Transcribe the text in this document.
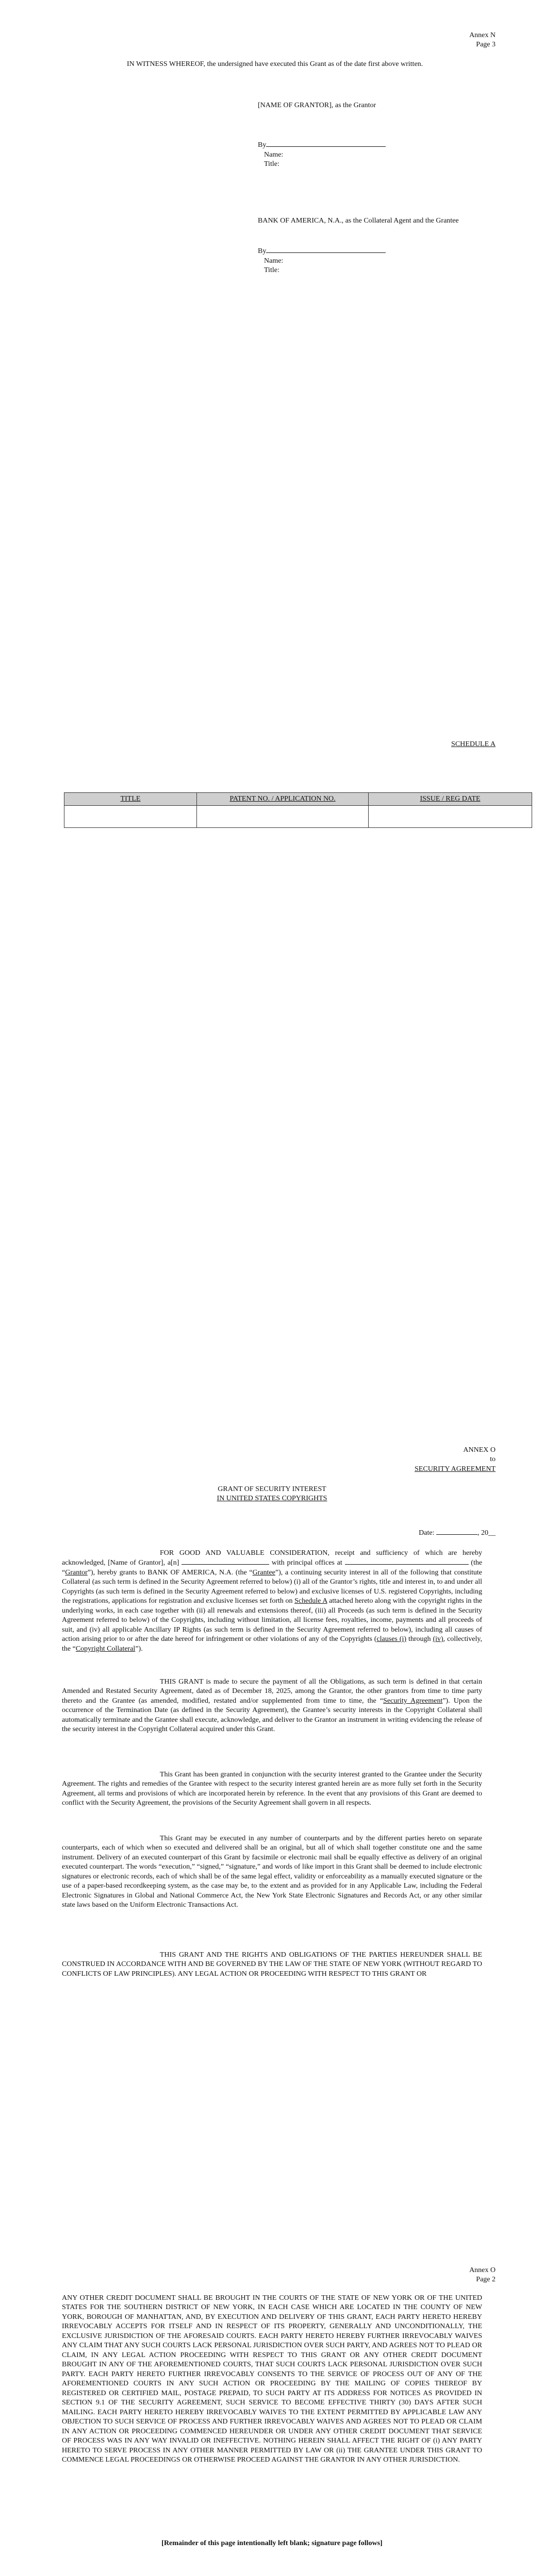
Annex N
Page 3
IN WITNESS WHEREOF, the undersigned have executed this Grant as of the date first above written.
[NAME OF GRANTOR], as the Grantor
By
Name:
Title:
BANK OF AMERICA, N.A., as the Collateral Agent and the Grantee
By
Name:
Title:
SCHEDULE A
TITLE	PATENT NO. / APPLICATION NO.	ISSUE / REG DATE

ANNEX O
to
SECURITY AGREEMENT
GRANT OF SECURITY INTEREST
IN UNITED STATES COPYRIGHTS
Date:	, 20__
FOR GOOD AND VALUABLE CONSIDERATION, receipt and sufficiency of which are hereby acknowledged, [Name of Grantor], a[n]	with principal offices at	(the “Grantor”), hereby grants to BANK OF AMERICA, N.A. (the “Grantee”), a continuing security interest in all of the following that constitute Collateral (as such term is defined in the Security Agreement referred to below) (i) all of the Grantor’s rights, title and interest in, to and under all Copyrights (as such term is defined in the Security Agreement referred to below) and exclusive licenses of U.S. registered Copyrights, including the registrations, applications for registration and exclusive licenses set forth on Schedule A attached hereto along with the copyright rights in the underlying works, in each case together with (ii) all renewals and extensions thereof, (iii) all Proceeds (as such term is defined in the Security Agreement referred to below) of the Copyrights, including without limitation, all license fees, royalties, income, payments and all proceeds of suit, and (iv) all applicable Ancillary IP Rights (as such term is defined in the Security Agreement referred to below), including all causes of action arising prior to or after the date hereof for infringement or other violations of any of the Copyrights (clauses (i) through (iv), collectively, the “Copyright Collateral”).
THIS GRANT is made to secure the payment of all the Obligations, as such term is defined in that certain Amended and Restated Security Agreement, dated as of December 18, 2025, among the Grantor, the other grantors from time to time party thereto and the Grantee (as amended, modified, restated and/or supplemented from time to time, the “Security Agreement”). Upon the occurrence of the Termination Date (as defined in the Security Agreement), the Grantee’s security interests in the Copyright Collateral shall automatically terminate and the Grantee shall execute, acknowledge, and deliver to the Grantor an instrument in writing evidencing the release of the security interest in the Copyright Collateral acquired under this Grant.
This Grant has been granted in conjunction with the security interest granted to the Grantee under the Security Agreement. The rights and remedies of the Grantee with respect to the security interest granted herein are as more fully set forth in the Security Agreement, all terms and provisions of which are incorporated herein by reference. In the event that any provisions of this Grant are deemed to conflict with the Security Agreement, the provisions of the Security Agreement shall govern in all respects.
This Grant may be executed in any number of counterparts and by the different parties hereto on separate counterparts, each of which when so executed and delivered shall be an original, but all of which shall together constitute one and the same instrument. Delivery of an executed counterpart of this Grant by facsimile or electronic mail shall be equally effective as delivery of an original executed counterpart. The words “execution,” “signed,” “signature,” and words of like import in this Grant shall be deemed to include electronic signatures or electronic records, each of which shall be of the same legal effect, validity or enforceability as a manually executed signature or the use of a paper-based recordkeeping system, as the case may be, to the extent and as provided for in any Applicable Law, including the Federal Electronic Signatures in Global and National Commerce Act, the New York State Electronic Signatures and Records Act, or any other similar state laws based on the Uniform Electronic Transactions Act.
THIS GRANT AND THE RIGHTS AND OBLIGATIONS OF THE PARTIES HEREUNDER SHALL BE CONSTRUED IN ACCORDANCE WITH AND BE GOVERNED BY THE LAW OF THE STATE OF NEW YORK (WITHOUT REGARD TO CONFLICTS OF LAW PRINCIPLES). ANY LEGAL ACTION OR PROCEEDING WITH RESPECT TO THIS GRANT OR
Annex O
Page 2
ANY OTHER CREDIT DOCUMENT SHALL BE BROUGHT IN THE COURTS OF THE STATE OF NEW YORK OR OF THE UNITED STATES FOR THE SOUTHERN DISTRICT OF NEW YORK, IN EACH CASE WHICH ARE LOCATED IN THE COUNTY OF NEW YORK, BOROUGH OF MANHATTAN, AND, BY EXECUTION AND DELIVERY OF THIS GRANT, EACH PARTY HERETO HEREBY IRREVOCABLY ACCEPTS FOR ITSELF AND IN RESPECT OF ITS PROPERTY, GENERALLY AND UNCONDITIONALLY, THE EXCLUSIVE JURISDICTION OF THE AFORESAID COURTS. EACH PARTY HERETO HEREBY FURTHER IRREVOCABLY WAIVES ANY CLAIM THAT ANY SUCH COURTS LACK PERSONAL JURISDICTION OVER SUCH PARTY, AND AGREES NOT TO PLEAD OR CLAIM, IN ANY LEGAL ACTION PROCEEDING WITH RESPECT TO THIS GRANT OR ANY OTHER CREDIT DOCUMENT BROUGHT IN ANY OF THE AFOREMENTIONED COURTS, THAT SUCH COURTS LACK PERSONAL JURISDICTION OVER SUCH PARTY. EACH PARTY HERETO FURTHER IRREVOCABLY CONSENTS TO THE SERVICE OF PROCESS OUT OF ANY OF THE AFOREMENTIONED COURTS IN ANY SUCH ACTION OR PROCEEDING BY THE MAILING OF COPIES THEREOF BY REGISTERED OR CERTIFIED MAIL, POSTAGE PREPAID, TO SUCH PARTY AT ITS ADDRESS FOR NOTICES AS PROVIDED IN SECTION 9.1 OF THE SECURITY AGREEMENT, SUCH SERVICE TO BECOME EFFECTIVE THIRTY (30) DAYS AFTER SUCH MAILING. EACH PARTY HERETO HEREBY IRREVOCABLY WAIVES TO THE EXTENT PERMITTED BY APPLICABLE LAW ANY OBJECTION TO SUCH SERVICE OF PROCESS AND FURTHER IRREVOCABLY WAIVES AND AGREES NOT TO PLEAD OR CLAIM IN ANY ACTION OR PROCEEDING COMMENCED HEREUNDER OR UNDER ANY OTHER CREDIT DOCUMENT THAT SERVICE OF PROCESS WAS IN ANY WAY INVALID OR INEFFECTIVE. NOTHING HEREIN SHALL AFFECT THE RIGHT OF (i) ANY PARTY HERETO TO SERVE PROCESS IN ANY OTHER MANNER PERMITTED BY LAW OR (ii) THE GRANTEE UNDER THIS GRANT TO COMMENCE LEGAL PROCEEDINGS OR OTHERWISE PROCEED AGAINST THE GRANTOR IN ANY OTHER JURISDICTION.
[Remainder of this page intentionally left blank; signature page follows]
